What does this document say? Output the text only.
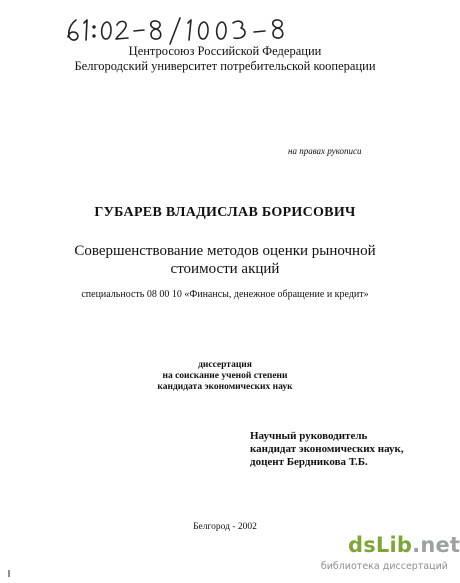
Центросоюз Российской Федерации
Белгородский университет потребительской кооперации
на правах рукописи
ГУБАРЕВ ВЛАДИСЛАВ БОРИСОВИЧ
Совершенствование методов оценки рыночной
стоимости акций
специальность 08 00 10 «Финансы, денежное обращение и кредит»
диссертация
на соискание ученой степени
кандидата экономических наук
Научный руководитель
кандидат экономических наук,
доцент Бердникова Т.Б.
Белгород - 2002
dsLib.net
библиотека диссертаций
